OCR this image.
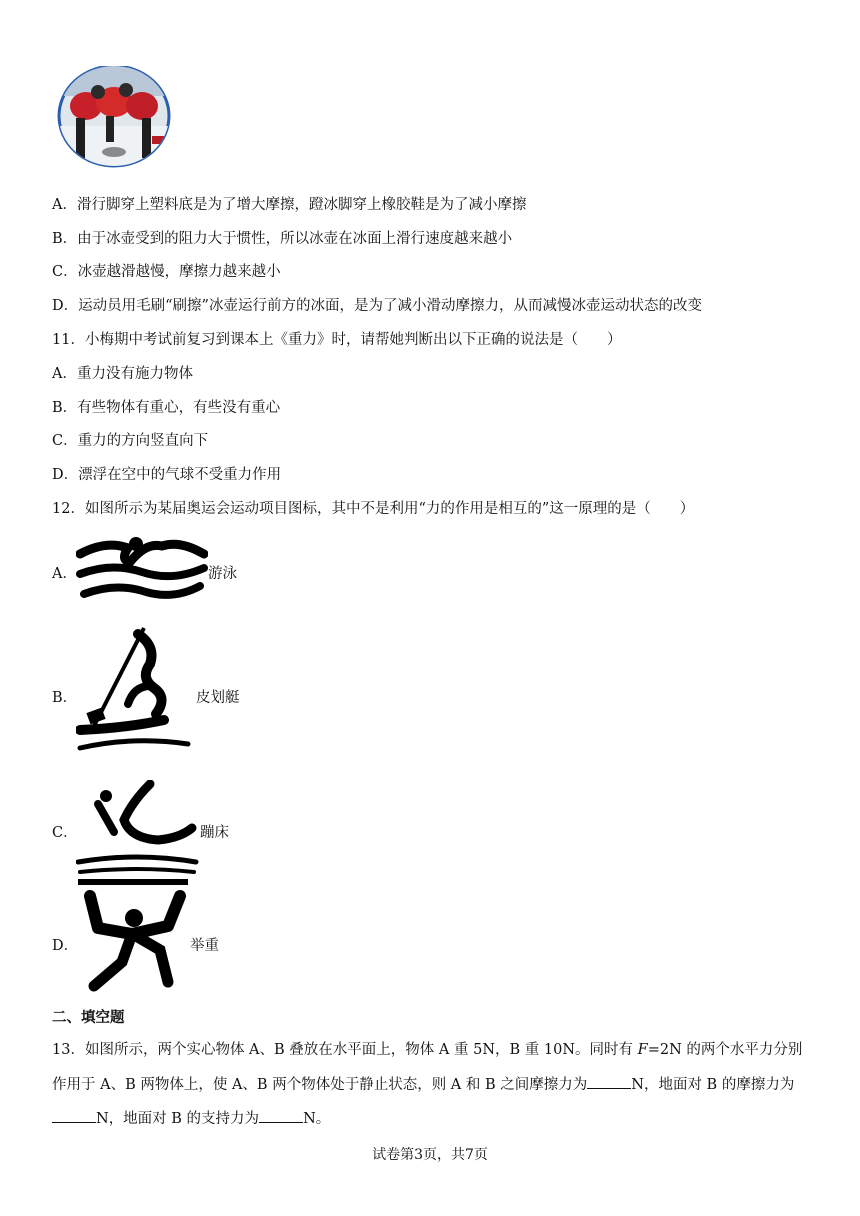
A．滑行脚穿上塑料底是为了增大摩擦，蹬冰脚穿上橡胶鞋是为了减小摩擦
B．由于冰壶受到的阻力大于惯性，所以冰壶在冰面上滑行速度越来越小
C．冰壶越滑越慢，摩擦力越来越小
D．运动员用毛刷“刷擦”冰壶运行前方的冰面，是为了减小滑动摩擦力，从而减慢冰壶运动状态的改变
11．小梅期中考试前复习到课本上《重力》时，请帮她判断出以下正确的说法是（　　）
A．重力没有施力物体
B．有些物体有重心，有些没有重心
C．重力的方向竖直向下
D．漂浮在空中的气球不受重力作用
12．如图所示为某届奥运会运动项目图标，其中不是利用“力的作用是相互的”这一原理的是（　　）
A．	游泳
B．	皮划艇
C．	蹦床
D．	举重
二、填空题
13．如图所示，两个实心物体 A、B 叠放在水平面上，物体 A 重 5N，B 重 10N。同时有 F=2N 的两个水平力分别
作用于 A、B 两物体上，使 A、B 两个物体处于静止状态，则 A 和 B 之间摩擦力为	N，地面对 B 的摩擦力为
N，地面对 B 的支持力为	N。
试卷第3页，共7页
